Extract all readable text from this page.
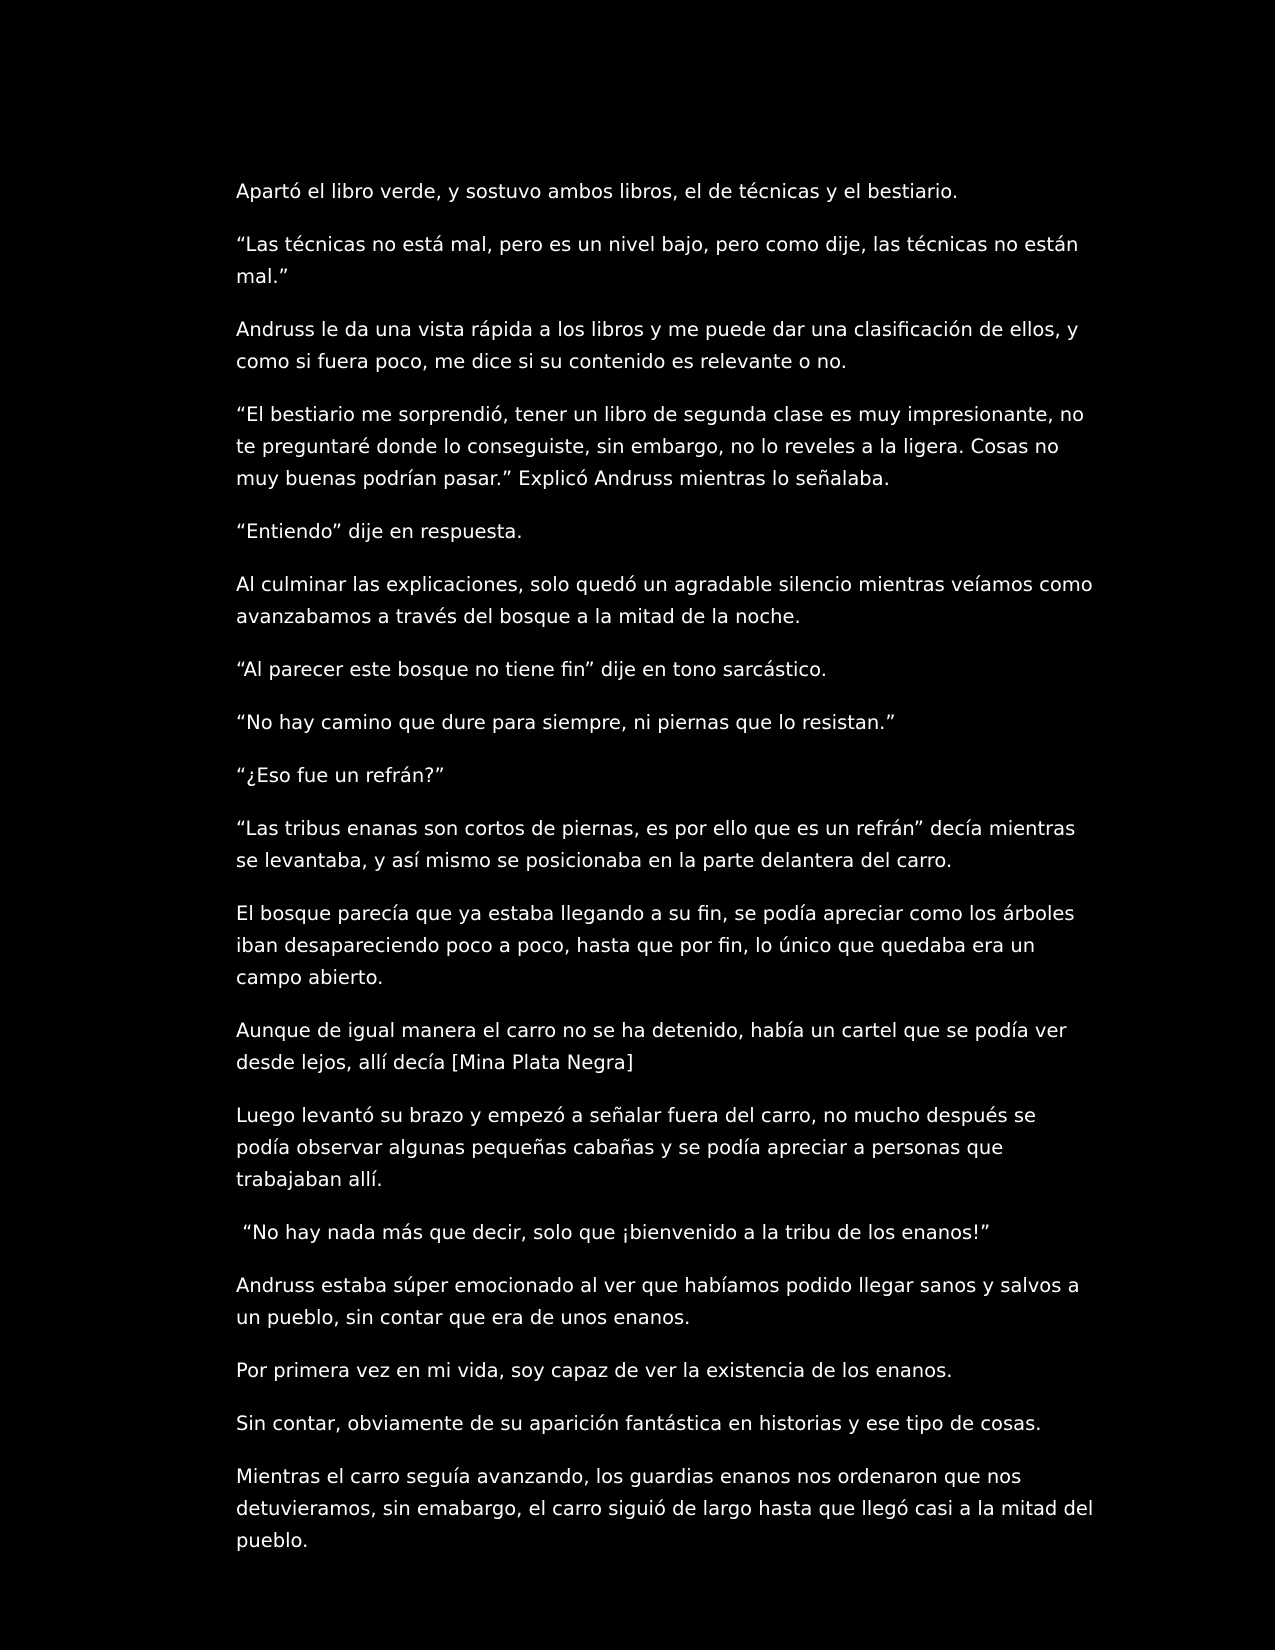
Apartó el libro verde, y sostuvo ambos libros, el de técnicas y el bestiario.

“Las técnicas no está mal, pero es un nivel bajo, pero como dije, las técnicas no están mal.”

Andruss le da una vista rápida a los libros y me puede dar una clasificación de ellos, y como si fuera poco, me dice si su contenido es relevante o no.

“El bestiario me sorprendió, tener un libro de segunda clase es muy impresionante, no te preguntaré donde lo conseguiste, sin embargo, no lo reveles a la ligera. Cosas no muy buenas podrían pasar.” Explicó Andruss mientras lo señalaba.

“Entiendo” dije en respuesta.

Al culminar las explicaciones, solo quedó un agradable silencio mientras veíamos como avanzabamos a través del bosque a la mitad de la noche.

“Al parecer este bosque no tiene fin” dije en tono sarcástico.

“No hay camino que dure para siempre, ni piernas que lo resistan.”

“¿Eso fue un refrán?”

“Las tribus enanas son cortos de piernas, es por ello que es un refrán” decía mientras se levantaba, y así mismo se posicionaba en la parte delantera del carro.

El bosque parecía que ya estaba llegando a su fin, se podía apreciar como los árboles iban desapareciendo poco a poco, hasta que por fin, lo único que quedaba era un campo abierto.

Aunque de igual manera el carro no se ha detenido, había un cartel que se podía ver desde lejos, allí decía [Mina Plata Negra]

Luego levantó su brazo y empezó a señalar fuera del carro, no mucho después se podía observar algunas pequeñas cabañas y se podía apreciar a personas que trabajaban allí.

“No hay nada más que decir, solo que ¡bienvenido a la tribu de los enanos!”

Andruss estaba súper emocionado al ver que habíamos podido llegar sanos y salvos a un pueblo, sin contar que era de unos enanos.

Por primera vez en mi vida, soy capaz de ver la existencia de los enanos.

Sin contar, obviamente de su aparición fantástica en historias y ese tipo de cosas.

Mientras el carro seguía avanzando, los guardias enanos nos ordenaron que nos detuvieramos, sin emabargo, el carro siguió de largo hasta que llegó casi a la mitad del pueblo.
